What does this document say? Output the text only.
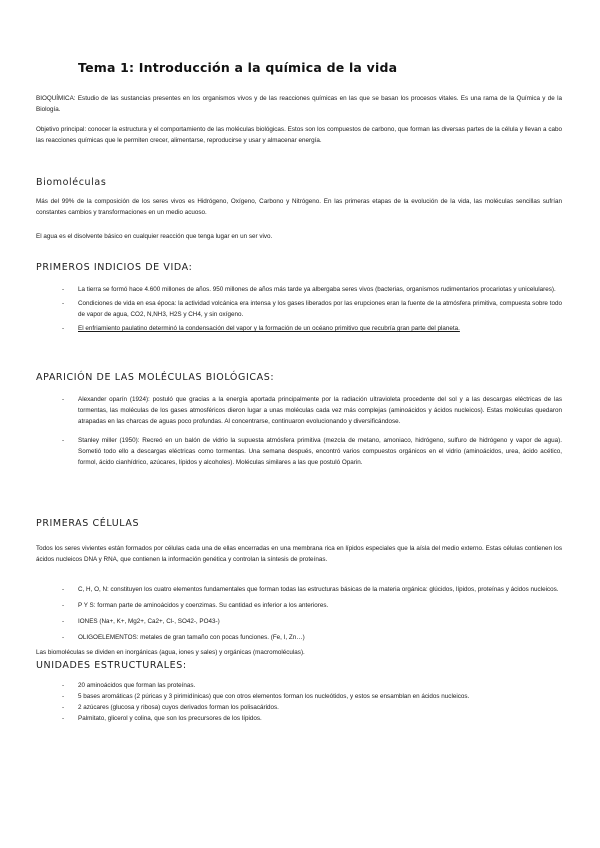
Tema 1: Introducción a la química de la vida

BIOQUÍMICA: Estudio de las sustancias presentes en los organismos vivos y de las reacciones químicas en las que se basan los procesos vitales. Es una rama de la Química y de la Biología.

Objetivo principal: conocer la estructura y el comportamiento de las moléculas biológicas. Estos son los compuestos de carbono, que forman las diversas partes de la célula y llevan a cabo las reacciones químicas que le permiten crecer, alimentarse, reproducirse y usar y almacenar energía.

Biomoléculas

Más del 99% de la composición de los seres vivos es Hidrógeno, Oxígeno, Carbono y Nitrógeno. En las primeras etapas de la evolución de la vida, las moléculas sencillas sufrían constantes cambios y transformaciones en un medio acuoso.

El agua es el disolvente básico en cualquier reacción que tenga lugar en un ser vivo.

PRIMEROS INDICIOS DE VIDA:
- La tierra se formó hace 4.600 millones de años. 950 millones de años más tarde ya albergaba seres vivos (bacterias, organismos rudimentarios procariotas y unicelulares).
- Condiciones de vida en esa época: la actividad volcánica era intensa y los gases liberados por las erupciones eran la fuente de la atmósfera primitiva, compuesta sobre todo de vapor de agua, CO2, N,NH3, H2S y CH4, y sin oxígeno.
- El enfriamiento paulatino determinó la condensación del vapor y la formación de un océano primitivo que recubría gran parte del planeta.
APARICIÓN DE LAS MOLÉCULAS BIOLÓGICAS:
- Alexander oparín (1924): postuló que gracias a la energía aportada principalmente por la radiación ultravioleta procedente del sol y a las descargas eléctricas de las tormentas, las moléculas de los gases atmosféricos dieron lugar a unas moléculas cada vez más complejas (aminoácidos y ácidos nucleicos). Estas moléculas quedaron atrapadas en las charcas de aguas poco profundas. Al concentrarse, continuaron evolucionando y diversificándose.
- Stanley miller (1950): Recreó en un balón de vidrio la supuesta atmósfera primitiva (mezcla de metano, amoniaco, hidrógeno, sulfuro de hidrógeno y vapor de agua). Sometió todo ello a descargas eléctricas como tormentas. Una semana después, encontró varios compuestos orgánicos en el vidrio (aminoácidos, urea, ácido acético, formol, ácido cianhídrico, azúcares, lípidos y alcoholes). Moléculas similares a las que postuló Oparin.
PRIMERAS CÉLULAS

Todos los seres vivientes están formados por células cada una de ellas encerradas en una membrana rica en lípidos especiales que la aísla del medio externo. Estas células contienen los ácidos nucleicos DNA y RNA, que contienen la información genética y controlan la síntesis de proteínas.

- C, H, O, N: constituyen los cuatro elementos fundamentales que forman todas las estructuras básicas de la materia orgánica: glúcidos, lípidos, proteínas y ácidos nucleicos.
- P Y S: forman parte de aminoácidos y coenzimas. Su cantidad es inferior a los anteriores.
- IONES (Na+, K+, Mg2+, Ca2+, Cl-, SO42-, PO43-)
- OLIGOELEMENTOS: metales de gran tamaño con pocas funciones. (Fe, I, Zn…)

Las biomoléculas se dividen en inorgánicas (agua, iones y sales) y orgánicas (macromoléculas).

UNIDADES ESTRUCTURALES:
- 20 aminoácidos que forman las proteínas.
- 5 bases aromáticas (2 púricas y 3 pirimidínicas) que con otros elementos forman los nucleótidos, y estos se ensamblan en ácidos nucleicos.
- 2 azúcares (glucosa y ribosa) cuyos derivados forman los polisacáridos.
- Palmitato, glicerol y colina, que son los precursores de los lípidos.
